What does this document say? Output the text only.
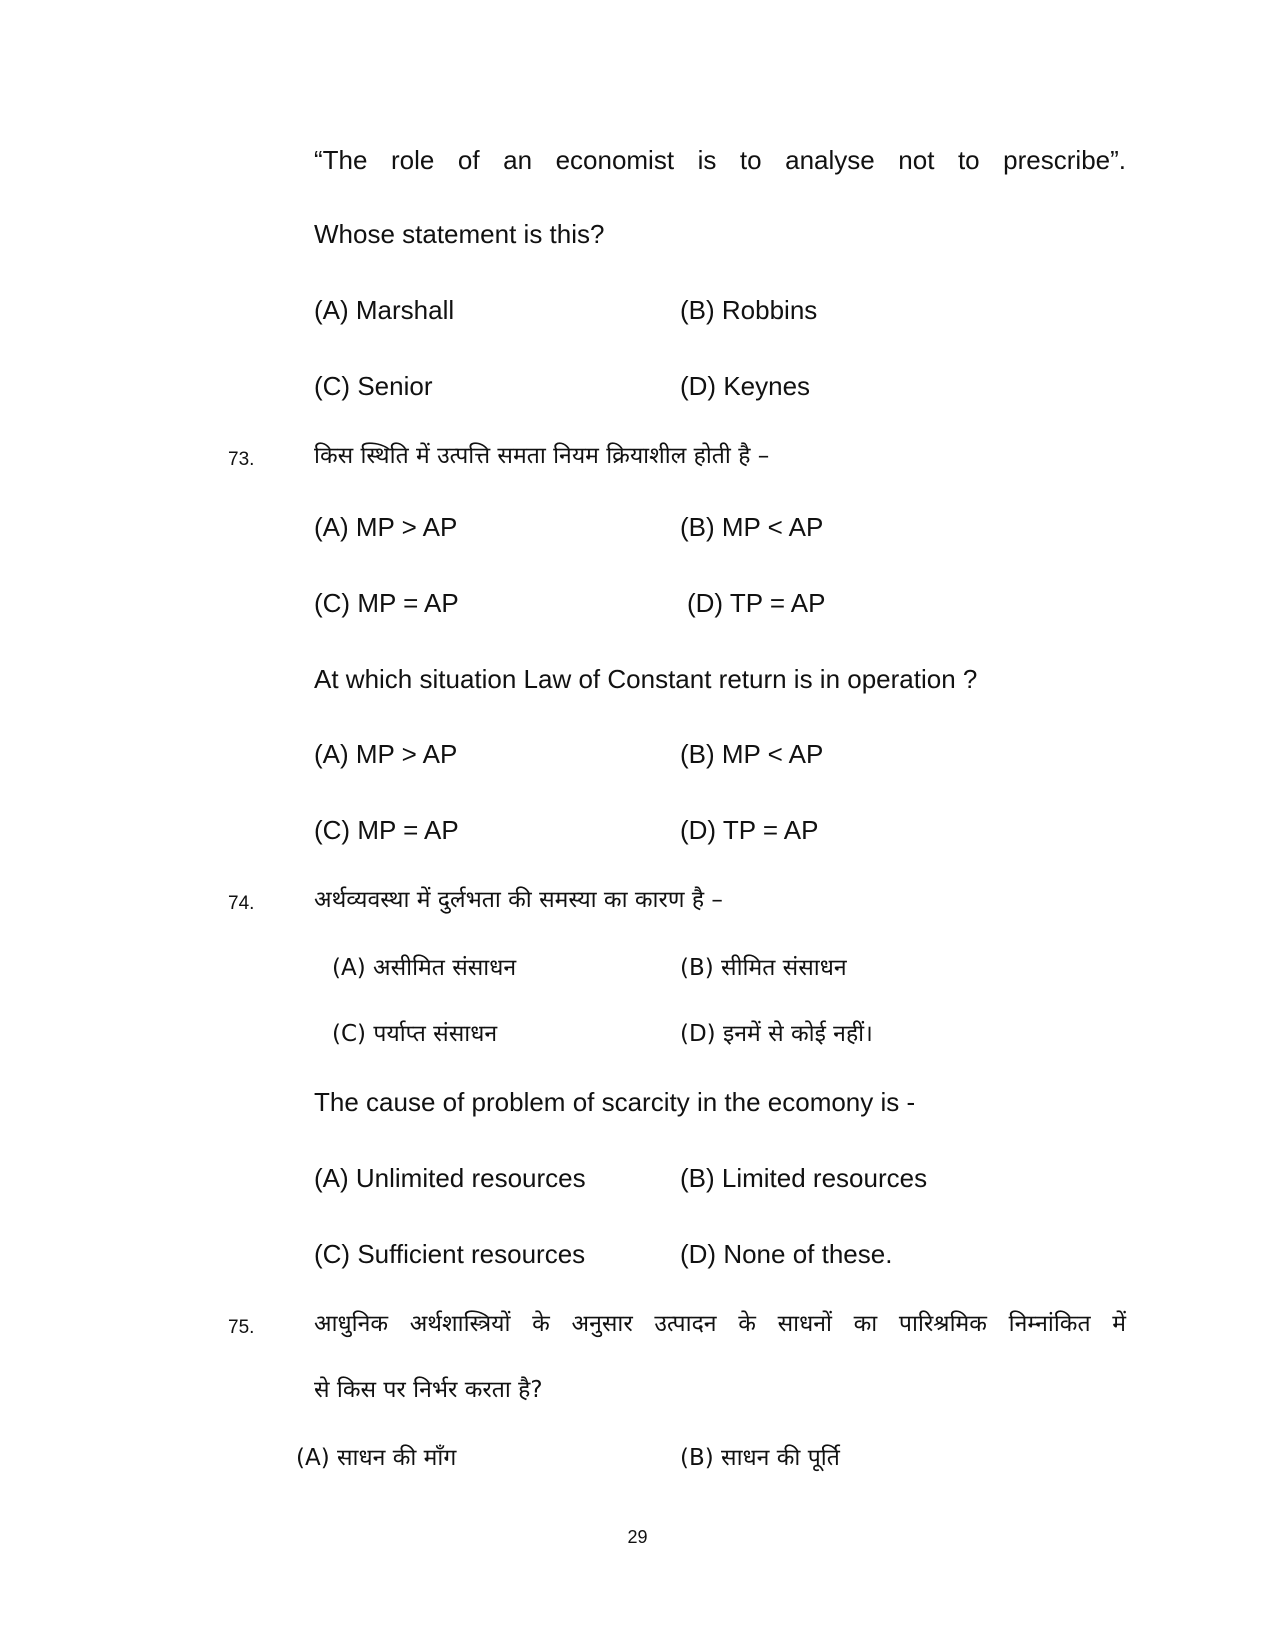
“The role of an economist is to analyse not to prescribe”.
Whose statement is this?
(A) Marshall	(B) Robbins
(C) Senior	(D) Keynes
73.	किस स्थिति में उत्पत्ति समता नियम क्रियाशील होती है –
(A) MP > AP	(B) MP < AP
(C) MP = AP	(D) TP = AP
At which situation Law of Constant return is in operation ?
(A) MP > AP	(B) MP < AP
(C) MP = AP	(D) TP = AP
74.	अर्थव्यवस्था में दुर्लभता की समस्या का कारण है –
(A) असीमित संसाधन	(B) सीमित संसाधन
(C) पर्याप्त संसाधन	(D) इनमें से कोई नहीं।
The cause of problem of scarcity in the ecomony is -
(A) Unlimited resources	(B) Limited resources
(C) Sufficient resources	(D) None of these.
75.	आधुनिक अर्थशास्त्रियों के अनुसार उत्पादन के साधनों का पारिश्रमिक निम्नांकित में
से किस पर निर्भर करता है?
(A) साधन की माँग	(B) साधन की पूर्ति
29
